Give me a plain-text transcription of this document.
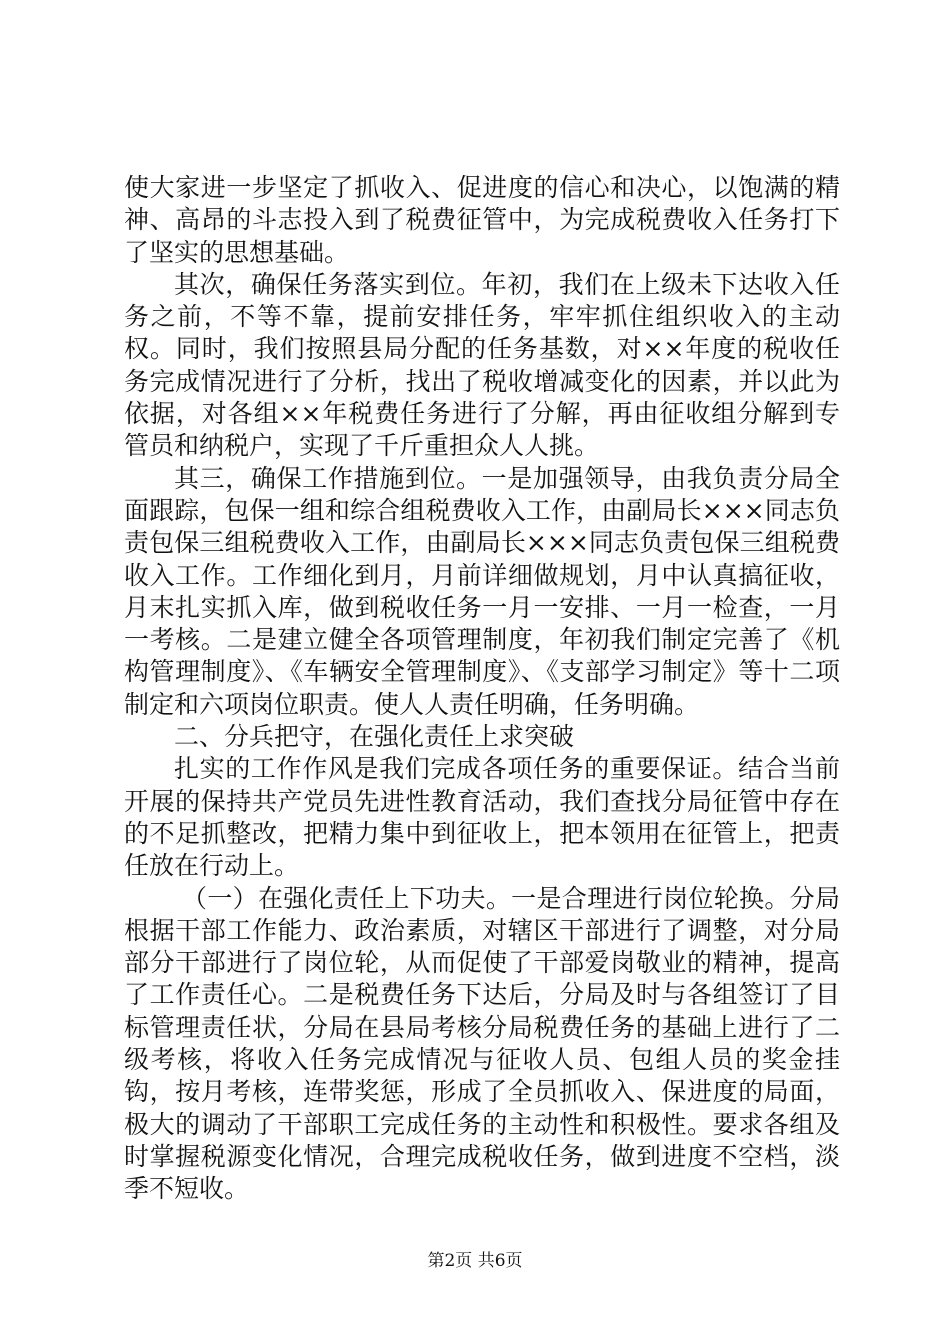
使大家进一步坚定了抓收入、促进度的信心和决心，以饱满的精神、高昂的斗志投入到了税费征管中，为完成税费收入任务打下了坚实的思想基础。

其次，确保任务落实到位。年初，我们在上级未下达收入任务之前，不等不靠，提前安排任务，牢牢抓住组织收入的主动权。同时，我们按照县局分配的任务基数，对××年度的税收任务完成情况进行了分析，找出了税收增减变化的因素，并以此为依据，对各组××年税费任务进行了分解，再由征收组分解到专管员和纳税户，实现了千斤重担众人人挑。

其三，确保工作措施到位。一是加强领导，由我负责分局全面跟踪，包保一组和综合组税费收入工作，由副局长×××同志负责包保三组税费收入工作，由副局长×××同志负责包保三组税费收入工作。工作细化到月，月前详细做规划，月中认真搞征收，月末扎实抓入库，做到税收任务一月一安排、一月一检查，一月一考核。二是建立健全各项管理制度，年初我们制定完善了《机构管理制度》、《车辆安全管理制度》、《支部学习制定》等十二项制定和六项岗位职责。使人人责任明确，任务明确。

二、分兵把守，在强化责任上求突破

扎实的工作作风是我们完成各项任务的重要保证。结合当前开展的保持共产党员先进性教育活动，我们查找分局征管中存在的不足抓整改，把精力集中到征收上，把本领用在征管上，把责任放在行动上。

（一）在强化责任上下功夫。一是合理进行岗位轮换。分局根据干部工作能力、政治素质，对辖区干部进行了调整，对分局部分干部进行了岗位轮，从而促使了干部爱岗敬业的精神，提高了工作责任心。二是税费任务下达后，分局及时与各组签订了目标管理责任状，分局在县局考核分局税费任务的基础上进行了二级考核，将收入任务完成情况与征收人员、包组人员的奖金挂钩，按月考核，连带奖惩，形成了全员抓收入、保进度的局面，极大的调动了干部职工完成任务的主动性和积极性。要求各组及时掌握税源变化情况，合理完成税收任务，做到进度不空档，淡季不短收。

第2页 共6页
